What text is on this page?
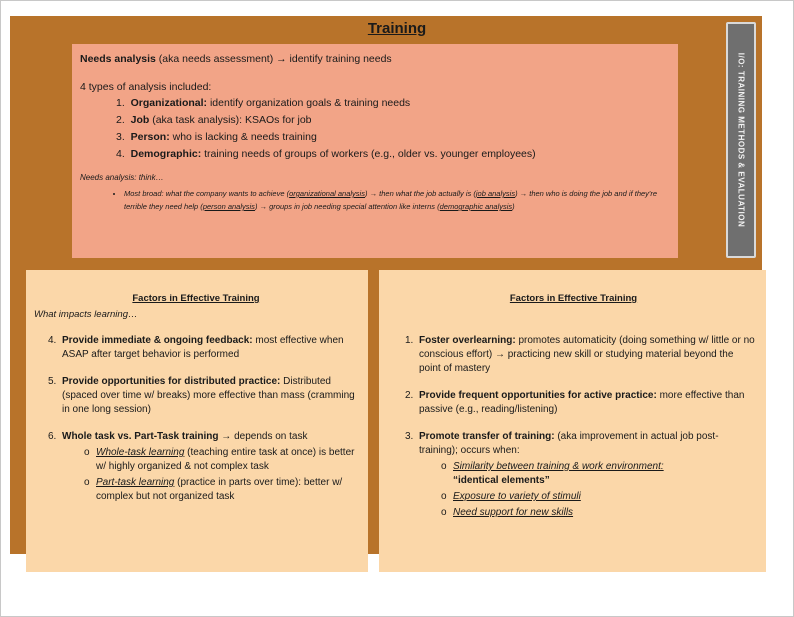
Training
I/O: TRAINING METHODS & EVALUATION

Needs analysis (aka needs assessment) → identify training needs

4 types of analysis included:

1. Organizational: identify organization goals & training needs
2. Job (aka task analysis): KSAOs for job
3. Person: who is lacking & needs training
4. Demographic: training needs of groups of workers (e.g., older vs. younger employees)

Needs analysis: think…

• Most broad: what the company wants to achieve (organizational analysis) → then what the job actually is (job analysis) → then who is doing the job and if they're terrible they need help (person analysis) → groups in job needing special attention like interns (demographic analysis)
Factors in Effective Training
What impacts learning…
4. Provide immediate & ongoing feedback: most effective when ASAP after target behavior is performed
5. Provide opportunities for distributed practice: Distributed (spaced over time w/ breaks) more effective than mass (cramming in one long session)
6. Whole task vs. Part-Task training → depends on task
o Whole-task learning (teaching entire task at once) is better w/ highly organized & not complex task
o Part-task learning (practice in parts over time): better w/ complex but not organized task
Factors in Effective Training
1. Foster overlearning: promotes automaticity (doing something w/ little or no conscious effort) → practicing new skill or studying material beyond the point of mastery
2. Provide frequent opportunities for active practice: more effective than passive (e.g., reading/listening)
3. Promote transfer of training: (aka improvement in actual job post-training); occurs when:
o Similarity between training & work environment:
“identical elements”
o Exposure to variety of stimuli
o Need support for new skills
